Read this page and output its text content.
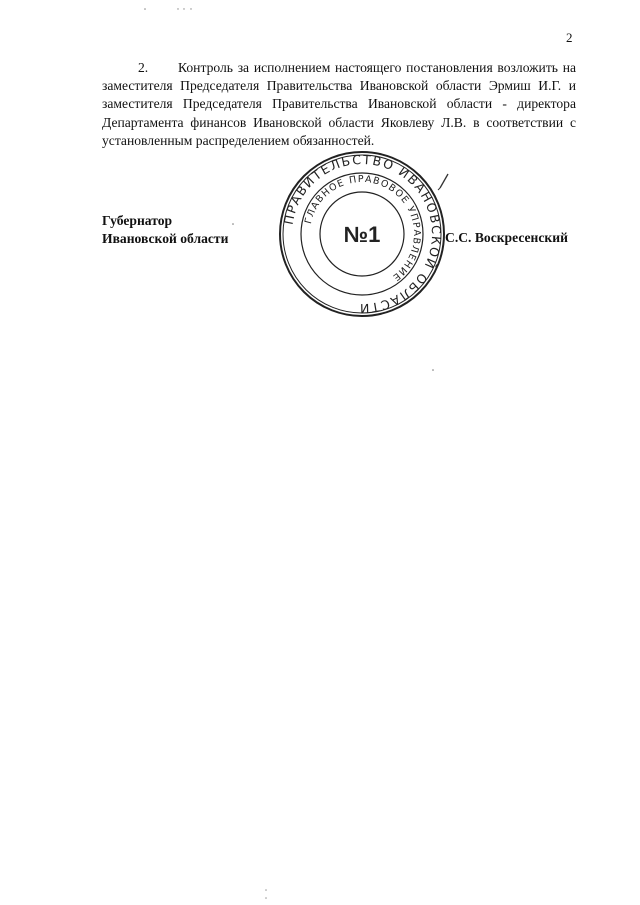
2

2. Контроль за исполнением настоящего постановления возложить на заместителя Председателя Правительства Ивановской области Эрмиш И.Г. и заместителя Председателя Правительства Ивановской области - директора Департамента финансов Ивановской области Яковлеву Л.В. в соответствии с установленным распределением обязанностей.

Губернатор
Ивановской области
ПРАВИТЕЛЬСТВО ИВАНОВСКОЙ ОБЛАСТИ
ГЛАВНОЕ ПРАВОВОЕ УПРАВЛЕНИЕ
№1	С.С. Воскресенский
